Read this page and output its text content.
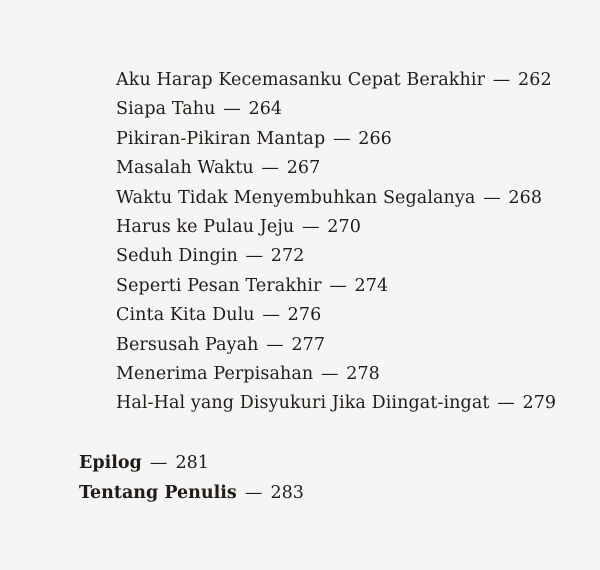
Aku Harap Kecemasanku Cepat Berakhir — 262
Siapa Tahu — 264
Pikiran-Pikiran Mantap — 266
Masalah Waktu — 267
Waktu Tidak Menyembuhkan Segalanya — 268
Harus ke Pulau Jeju — 270
Seduh Dingin — 272
Seperti Pesan Terakhir — 274
Cinta Kita Dulu — 276
Bersusah Payah — 277
Menerima Perpisahan — 278
Hal-Hal yang Disyukuri Jika Diingat-ingat — 279
Epilog — 281
Tentang Penulis — 283
